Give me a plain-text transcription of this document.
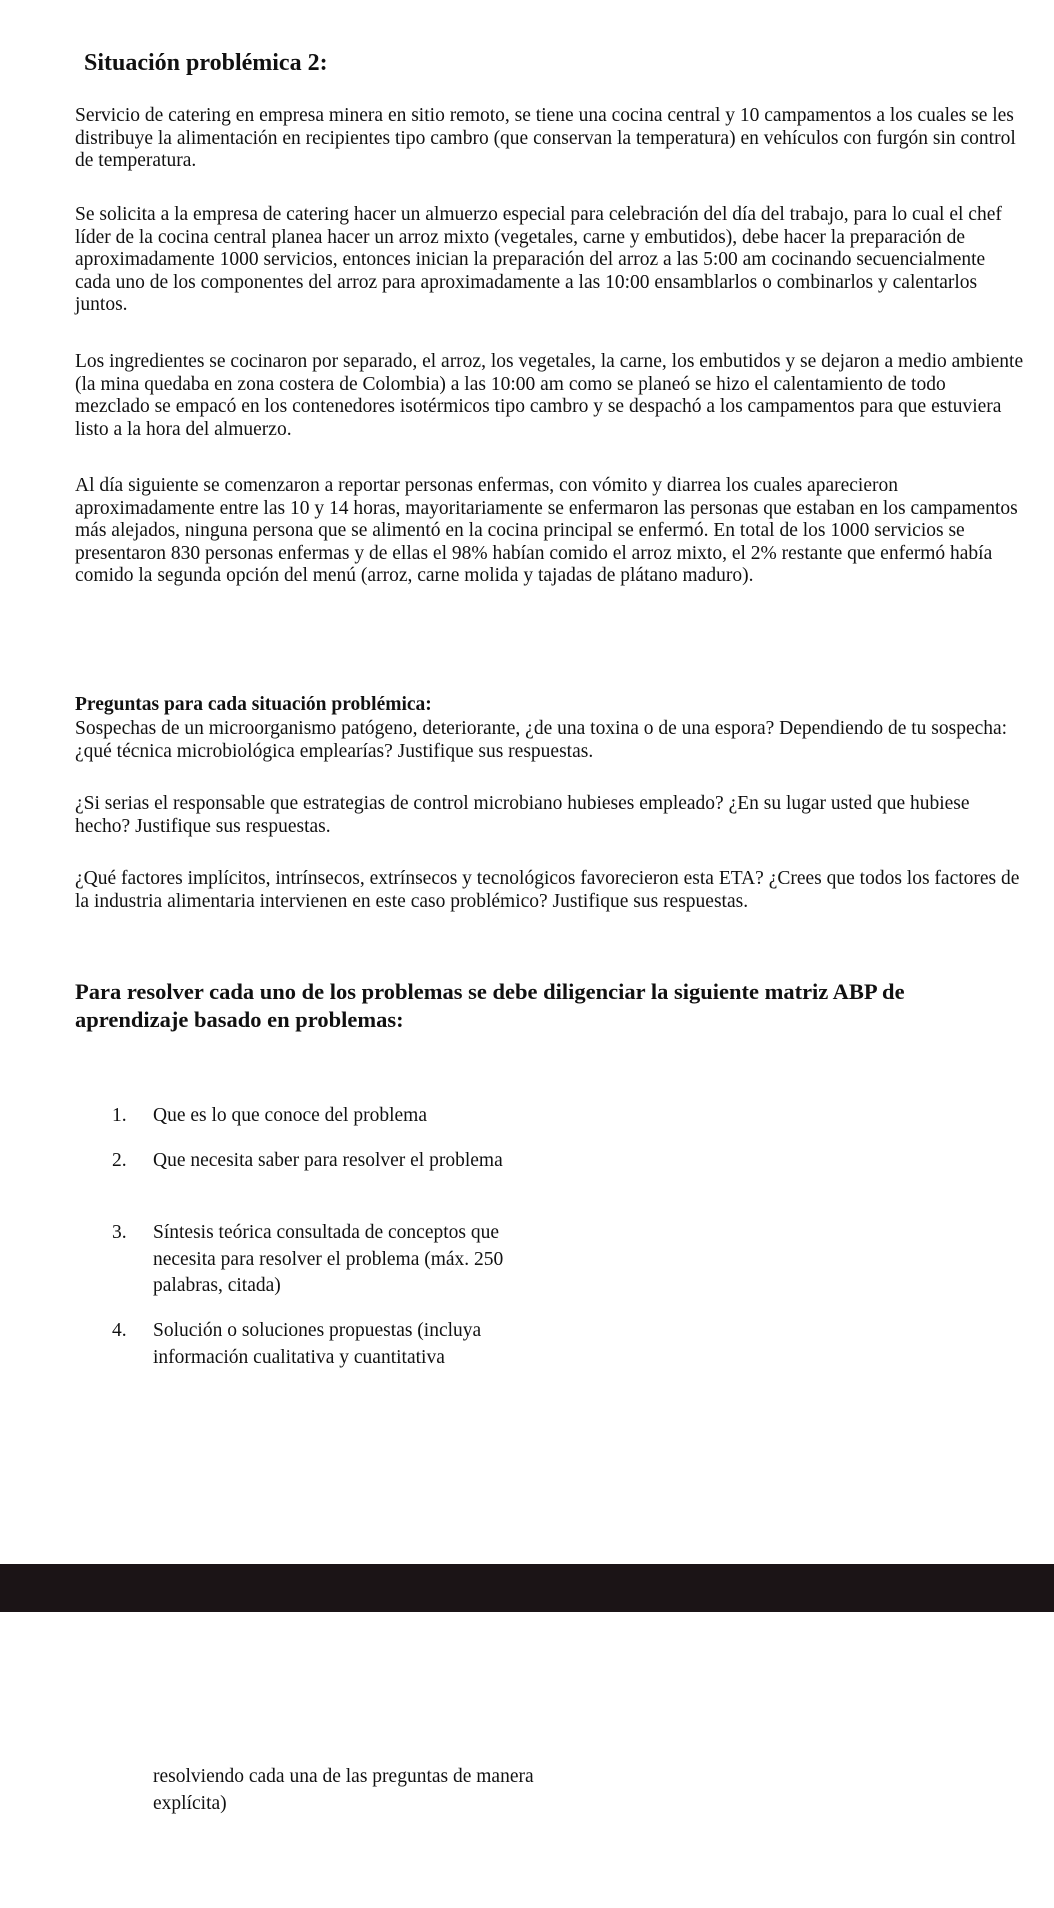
Situación problémica 2:

Servicio de catering en empresa minera en sitio remoto, se tiene una cocina central y 10 campamentos a los cuales se les distribuye la alimentación en recipientes tipo cambro (que conservan la temperatura) en vehículos con furgón sin control de temperatura.

Se solicita a la empresa de catering hacer un almuerzo especial para celebración del día del trabajo, para lo cual el chef líder de la cocina central planea hacer un arroz mixto (vegetales, carne y embutidos), debe hacer la preparación de aproximadamente 1000 servicios, entonces inician la preparación del arroz a las 5:00 am cocinando secuencialmente cada uno de los componentes del arroz para aproximadamente a las 10:00 ensamblarlos o combinarlos y calentarlos juntos.

Los ingredientes se cocinaron por separado, el arroz, los vegetales, la carne, los embutidos y se dejaron a medio ambiente (la mina quedaba en zona costera de Colombia) a las 10:00 am como se planeó se hizo el calentamiento de todo mezclado se empacó en los contenedores isotérmicos tipo cambro y se despachó a los campamentos para que estuviera listo a la hora del almuerzo.

Al día siguiente se comenzaron a reportar personas enfermas, con vómito y diarrea los cuales aparecieron aproximadamente entre las 10 y 14 horas, mayoritariamente se enfermaron las personas que estaban en los campamentos más alejados, ninguna persona que se alimentó en la cocina principal se enfermó. En total de los 1000 servicios se presentaron 830 personas enfermas y de ellas el 98% habían comido el arroz mixto, el 2% restante que enfermó había comido la segunda opción del menú (arroz, carne molida y tajadas de plátano maduro).

Preguntas para cada situación problémica:

Sospechas de un microorganismo patógeno, deteriorante, ¿de una toxina o de una espora? Dependiendo de tu sospecha: ¿qué técnica microbiológica emplearías? Justifique sus respuestas.

¿Si serias el responsable que estrategias de control microbiano hubieses empleado? ¿En su lugar usted que hubiese hecho? Justifique sus respuestas.

¿Qué factores implícitos, intrínsecos, extrínsecos y tecnológicos favorecieron esta ETA? ¿Crees que todos los factores de la industria alimentaria intervienen en este caso problémico? Justifique sus respuestas.

Para resolver cada uno de los problemas se debe diligenciar la siguiente matriz ABP de aprendizaje basado en problemas:
1.	Que es lo que conoce del problema
2.	Que necesita saber para resolver el problema
3.	Síntesis teórica consultada de conceptos que necesita para resolver el problema (máx. 250 palabras, citada)
4.	Solución o soluciones propuestas (incluya información cualitativa y cuantitativa

resolviendo cada una de las preguntas de manera explícita)
